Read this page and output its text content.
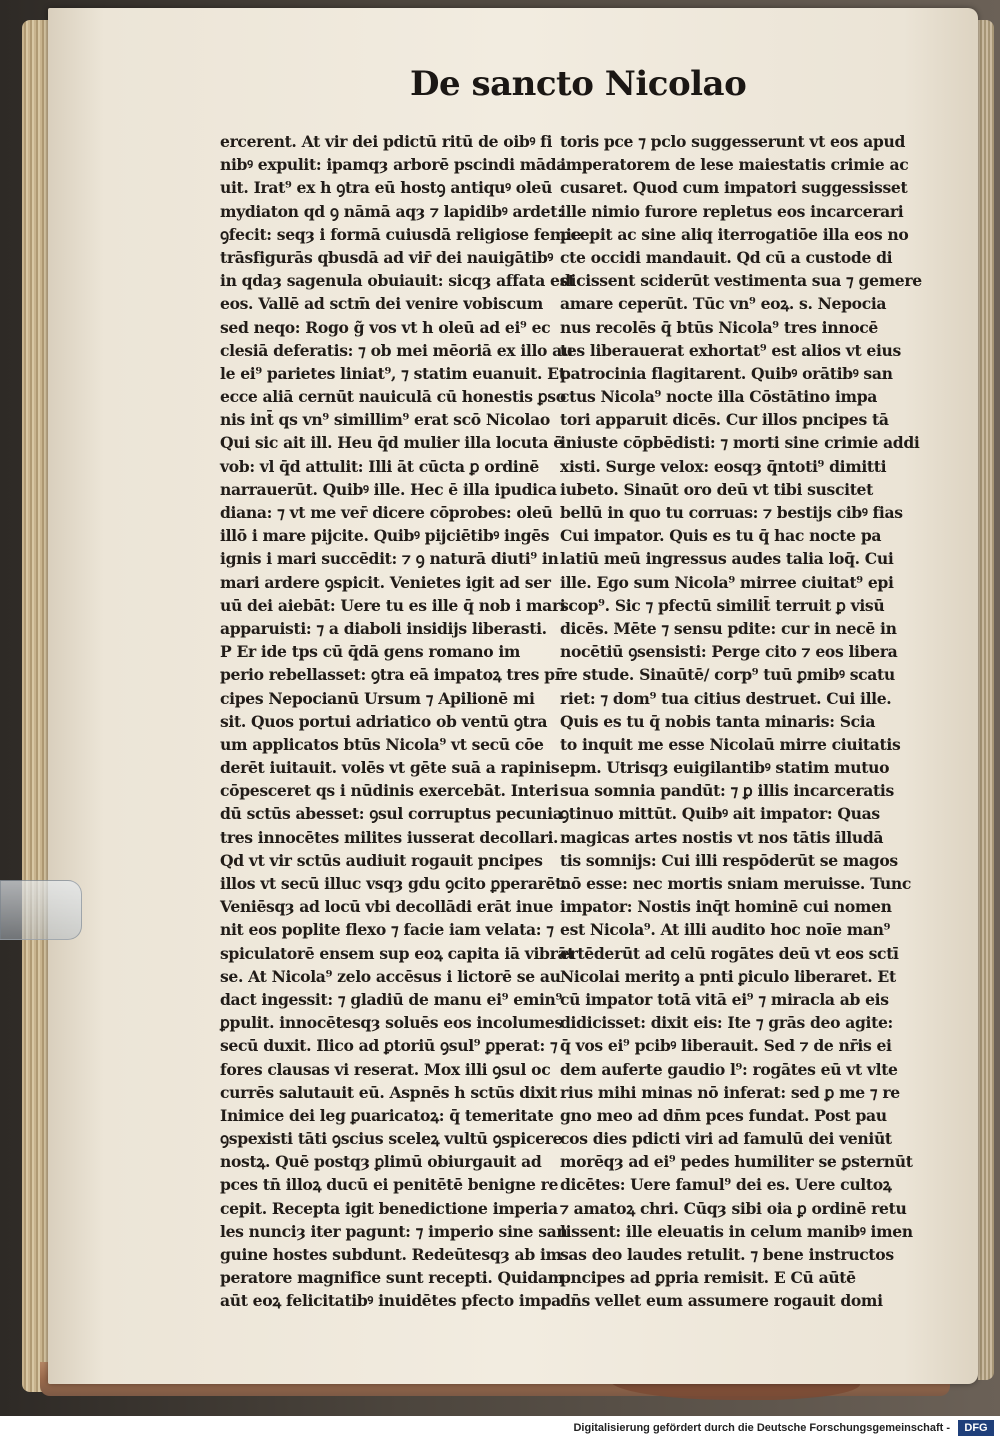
De sancto Nicolao
ercerent. At vir dei pdictū ritū de oibꝰ fi
nibꝰ expulit: ipamqȝ arborē pscindi māda
uit. Irat⁹ ex h ꝯtra eū hostꝯ antiquꝰ oleū
mydiaton qd ꝯ nāmā aqȝ ⁊ lapidibꝰ ardet:
ꝯfecit: seqȝ i formā cuiusdā religiose femie
trāsfigurās qbusdā ad vir̄ dei nauigātibꝰ
in qdaȝ sagenula obuiauit: sicqȝ affata est
eos. Vallē ad sctm̄ dei venire vobiscum
sed neqo: Rogo g̃ vos vt h oleū ad ei⁹ ec
clesiā deferatis: ⁊ ob mei mēoriā ex illo au
le ei⁹ parietes liniat⁹, ⁊ statim euanuit. Et
ecce aliā cernūt nauiculā cū honestis ꝑso
nis int̄ qs vn⁹ simillim⁹ erat scō Nicolao
Qui sic ait ill. Heu q̄d mulier illa locuta ē
vob: vl q̄d attulit: Illi āt cūcta ꝑ ordinē
narrauerūt. Quibꝰ ille. Hec ē illa ipudica
diana: ⁊ vt me ver̄ dicere cōprobes: oleū
illō i mare pijcite. Quibꝰ pijciētibꝰ ingēs
ignis i mari succēdit: ⁊ ꝯ naturā diuti⁹ in
mari ardere ꝯspicit. Venietes igit ad ser
uū dei aiebāt: Uere tu es ille q̄ nob i mari
apparuisti: ⁊ a diaboli insidijs liberasti.
P Er ide tps cū q̄dā gens romano im
perio rebellasset: ꝯtra eā impatoꝝ tres pn̄
cipes Nepocianū Ursum ⁊ Apilionē mi
sit. Quos portui adriatico ob ventū ꝯtra
um applicatos btūs Nicola⁹ vt secū cōe
derēt iuitauit. volēs vt gēte suā a rapinis
cōpesceret qs i nūdinis exercebāt. Interi
dū sctūs abesset: ꝯsul corruptus pecunia
tres innocētes milites iusserat decollari.
Qd vt vir sctūs audiuit rogauit pncipes
illos vt secū illuc vsqȝ gdu ꝯcito ꝑperarēt.
Veniēsqȝ ad locū vbi decollādi erāt inue
nit eos poplite flexo ⁊ facie iam velata: ⁊
spiculatorē ensem sup eoꝝ capita iā vibrāt
se. At Nicola⁹ zelo accēsus i lictorē se au
dact ingessit: ⁊ gladiū de manu ei⁹ emin⁹
ꝑpulit. innocētesqȝ soluēs eos incolumes
secū duxit. Ilico ad ꝑtoriū ꝯsul⁹ ꝑperat: ⁊
fores clausas vi reserat. Mox illi ꝯsul oc
currēs salutauit eū. Aspnēs h sctūs dixit
Inimice dei leg ꝑuaricatoꝝ: q̄ temeritate
ꝯspexisti tāti ꝯscius sceleꝝ vultū ꝯspicere
nostꝝ. Quē postqȝ ꝑlimū obiurgauit ad
pces tn̄ illoꝝ ducū ei penitētē benigne re
cepit. Recepta igit benedictione imperia
les nunciȝ iter pagunt: ⁊ imperio sine san
guine hostes subdunt. Redeūtesqȝ ab im
peratore magnifice sunt recepti. Quidam
aūt eoꝝ felicitatibꝰ inuidētes pfecto impa
toris pce ⁊ pclo suggesserunt vt eos apud
imperatorem de lese maiestatis crimie ac
cusaret. Quod cum impatori suggessisset
ille nimio furore repletus eos incarcerari
pcepit ac sine aliq iterrogatiōe illa eos no
cte occidi mandauit. Qd cū a custode di
dicissent sciderūt vestimenta sua ⁊ gemere
amare ceperūt. Tūc vn⁹ eoꝝ. s. Nepocia
nus recolēs q̄ btūs Nicola⁹ tres innocē
tes liberauerat exhortat⁹ est alios vt eius
patrocinia flagitarent. Quibꝰ orātibꝰ san
ctus Nicola⁹ nocte illa Cōstātino impa
tori apparuit dicēs. Cur illos pncipes tā
iniuste cōpbēdisti: ⁊ morti sine crimie addi
xisti. Surge velox: eosqȝ q̄ntoti⁹ dimitti
iubeto. Sinaūt oro deū vt tibi suscitet
bellū in quo tu corruas: ⁊ bestijs cibꝰ fias
Cui impator. Quis es tu q̄ hac nocte pa
latiū meū ingressus audes talia loq̄. Cui
ille. Ego sum Nicola⁹ mirree ciuitat⁹ epi
scop⁹. Sic ⁊ pfectū similit̄ terruit ꝑ visū
dicēs. Mēte ⁊ sensu pdite: cur in necē in
nocētiū ꝯsensisti: Perge cito ⁊ eos libera
re stude. Sinaūtē/ corp⁹ tuū ꝑmibꝰ scatu
riet: ⁊ dom⁹ tua citius destruet. Cui ille.
Quis es tu q̄ nobis tanta minaris: Scia
to inquit me esse Nicolaū mirre ciuitatis
epm. Utrisqȝ euigilantibꝰ statim mutuo
sua somnia pandūt: ⁊ ꝑ illis incarceratis
ꝯtinuo mittūt. Quibꝰ ait impator: Quas
magicas artes nostis vt nos tātis illudā
tis somnijs: Cui illi respōderūt se magos
nō esse: nec mortis sniam meruisse. Tunc
impator: Nostis inq̄t hominē cui nomen
est Nicola⁹. At illi audito hoc noīe man⁹
ertēderūt ad celū rogātes deū vt eos sctī
Nicolai meritꝯ a pnti ꝑiculo liberaret. Et
cū impator totā vitā ei⁹ ⁊ miracla ab eis
didicisset: dixit eis: Ite ⁊ grās deo agite:
q̄ vos ei⁹ pcibꝰ liberauit. Sed ⁊ de nr̄is ei
dem auferte gaudio l⁹: rogātes eū vt vlte
rius mihi minas nō inferat: sed ꝑ me ⁊ re
gno meo ad dn̄m pces fundat. Post pau
cos dies pdicti viri ad famulū dei veniūt
morēqȝ ad ei⁹ pedes humiliter se ꝑsternūt
dicētes: Uere famul⁹ dei es. Uere cultoꝝ
⁊ amatoꝝ chri. Cūqȝ sibi oia ꝑ ordinē retu
lissent: ille eleuatis in celum manibꝰ imen
sas deo laudes retulit. ⁊ bene instructos
pncipes ad ꝑpria remisit. E Cū aūtē
dn̄s vellet eum assumere rogauit domi
Digitalisierung gefördert durch die Deutsche Forschungsgemeinschaft -	DFG
